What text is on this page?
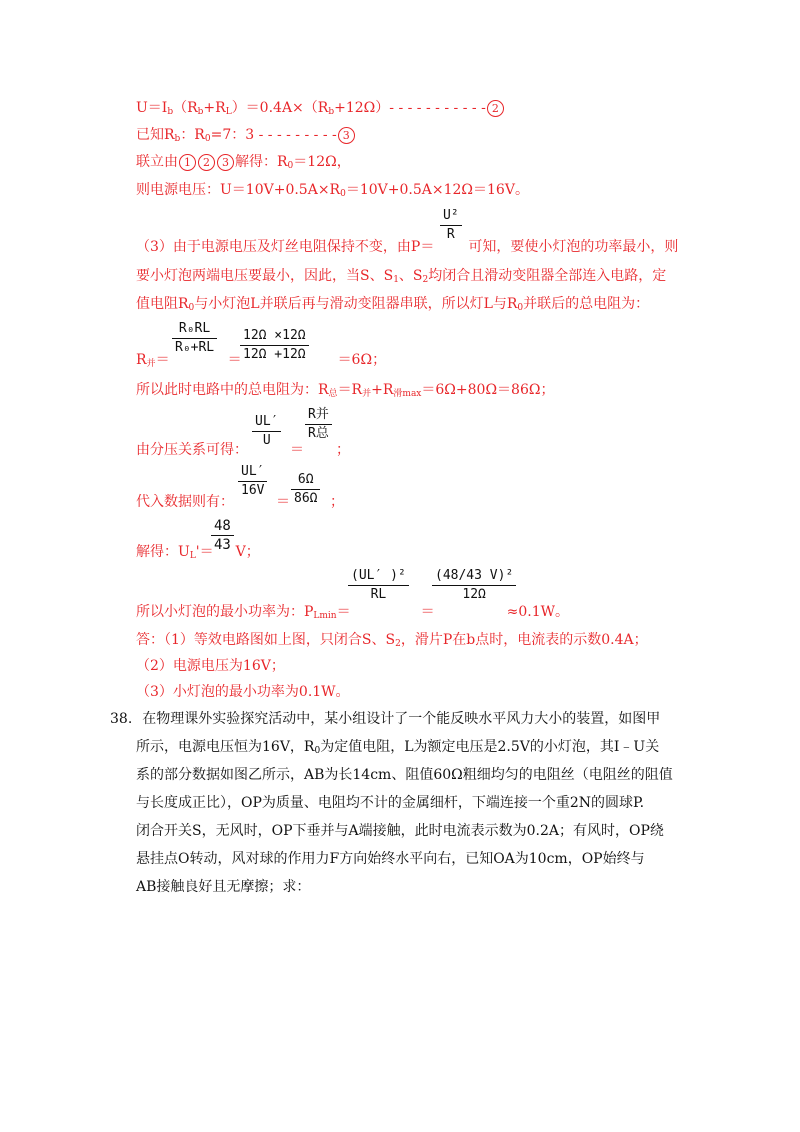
$U=I_b(R_b+R_L)=0.4A\times(R_b+12\Omega)-$ - - - - - - - - - - 2
已知$R_b$：$R_0=7$：3 - - - - - - - - - 3
联立由 1 2 3 解得：$R_0=12\Omega$，
则电源电压：$U=10V+0.5A\times R_0=10V+0.5A\times 12\Omega=16V$。
（3）由于电源电压及灯丝电阻保持不变，由P＝ 可知，要使小灯泡的功率最小，则
U²
R
要小灯泡两端电压要最小，因此，当S、$S_1$、$S_2$均闭合且滑动变阻器全部连入电路，定
值电阻$R_0$与小灯泡L并联后再与滑动变阻器串联，所以灯L与$R_0$并联后的总电阻为：
$R_并=$	＝	＝6Ω；
R₀RL
R₀+RL
12Ω ×12Ω
12Ω +12Ω
所以此时电路中的总电阻为：$R_总=R_并+R_{滑max}=6\Omega+80\Omega=86\Omega$；
由分压关系可得：	＝ ；
UL′
U
R并
R总
代入数据则有：	＝	；
UL′
16V
6Ω
86Ω
解得：$U_L'= V$；
48
43
所以小灯泡的最小功率为：$P_{Lmin}=$	＝	≈0.1W。
(UL′ )²
RL
(48/43 V)²
12Ω
答：（1）等效电路图如上图，只闭合S、$S_2$，滑片P在b点时，电流表的示数0.4A；
（2）电源电压为16V；
（3）小灯泡的最小功率为0.1W。
38. 在物理课外实验探究活动中，某小组设计了一个能反映水平风力大小的装置，如图甲
所示，电源电压恒为16V，$R_0$为定值电阻，L为额定电压是2.5V的小灯泡，其I﹣U关
系的部分数据如图乙所示，AB为长14cm、阻值60Ω粗细均匀的电阻丝（电阻丝的阻值
与长度成正比），OP为质量、电阻均不计的金属细杆，下端连接一个重2N的圆球P.
闭合开关S，无风时，OP下垂并与A端接触，此时电流表示数为0.2A；有风时，OP绕
悬挂点O转动，风对球的作用力F方向始终水平向右，已知OA为10cm，OP始终与
AB接触良好且无摩擦；求：
